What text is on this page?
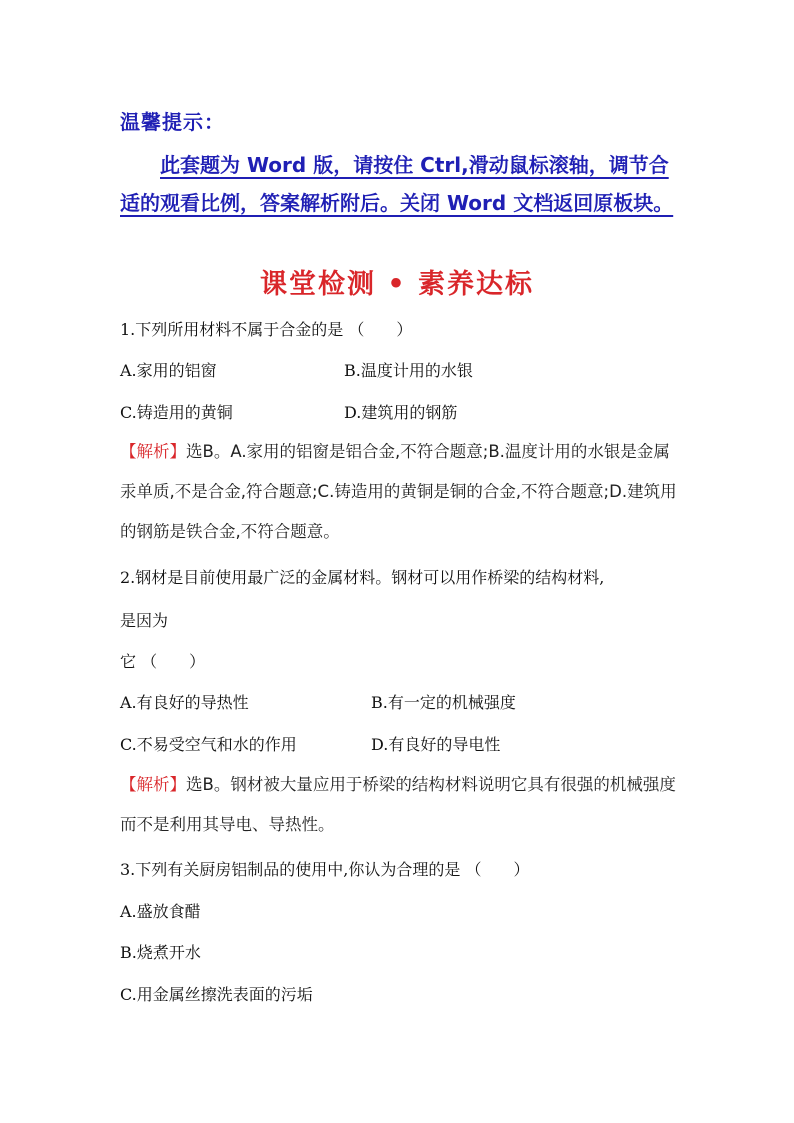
温馨提示：

此套题为 Word 版，请按住 Ctrl,滑动鼠标滚轴，调节合适的观看比例，答案解析附后。关闭 Word 文档返回原板块。

课堂检测 • 素养达标

1.下列所用材料不属于合金的是 （　　）

A.家用的铝窗	B.温度计用的水银

C.铸造用的黄铜	D.建筑用的钢筋

【解析】选B。A.家用的铝窗是铝合金,不符合题意;B.温度计用的水银是金属汞单质,不是合金,符合题意;C.铸造用的黄铜是铜的合金,不符合题意;D.建筑用的钢筋是铁合金,不符合题意。

2.钢材是目前使用最广泛的金属材料。钢材可以用作桥梁的结构材料,

是因为

它 （　　）

A.有良好的导热性	B.有一定的机械强度

C.不易受空气和水的作用	D.有良好的导电性

【解析】选B。钢材被大量应用于桥梁的结构材料说明它具有很强的机械强度而不是利用其导电、导热性。

3.下列有关厨房铝制品的使用中,你认为合理的是 （　　）

A.盛放食醋

B.烧煮开水

C.用金属丝擦洗表面的污垢
